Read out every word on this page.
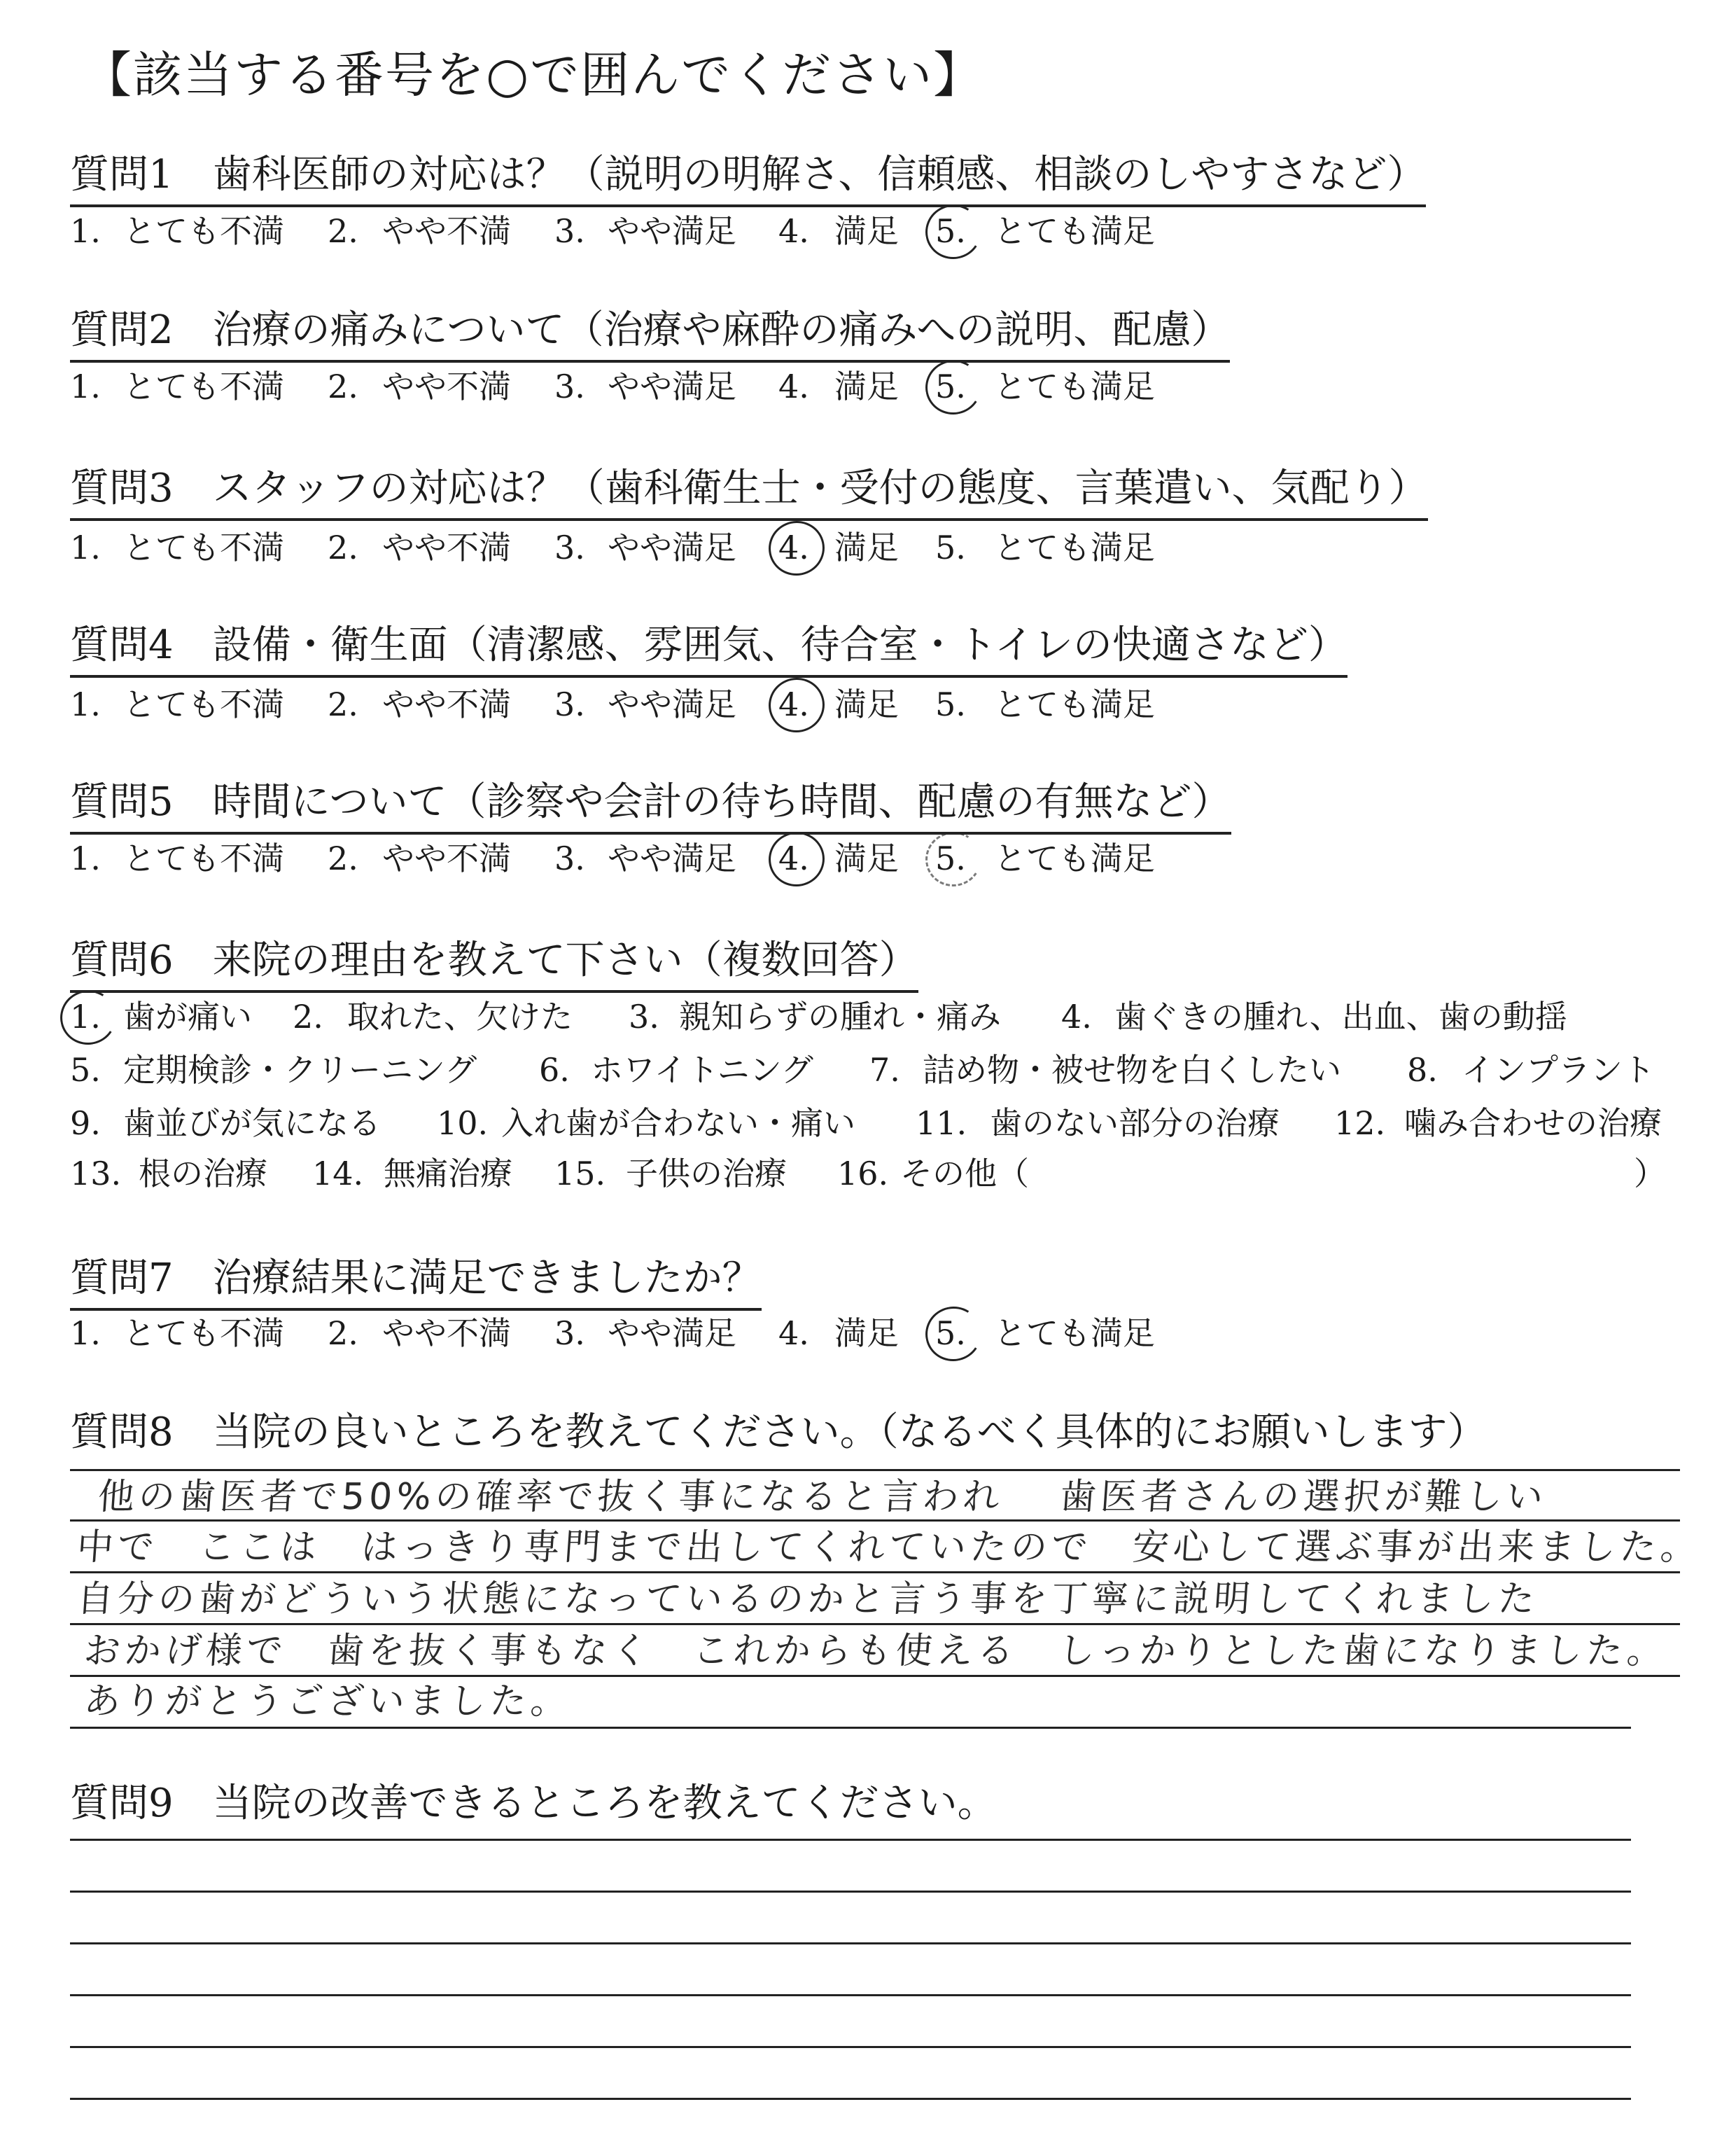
【該当する番号を○で囲んでください】
質問1　歯科医師の対応は？（説明の明解さ、信頼感、相談のしやすさなど）
1. とても不満 2. やや不満 3. やや満足 4. 満足 5. とても満足
質問2　治療の痛みについて（治療や麻酔の痛みへの説明、配慮）
1. とても不満 2. やや不満 3. やや満足 4. 満足 5. とても満足
質問3　スタッフの対応は？（歯科衛生士・受付の態度、言葉遣い、気配り）
1. とても不満 2. やや不満 3. やや満足 4. 満足 5. とても満足
質問4　設備・衛生面（清潔感、雰囲気、待合室・トイレの快適さなど）
1. とても不満 2. やや不満 3. やや満足 4. 満足 5. とても満足
質問5　時間について（診察や会計の待ち時間、配慮の有無など）
1. とても不満 2. やや不満 3. やや満足 4. 満足 5. とても満足
質問6　来院の理由を教えて下さい（複数回答）
1. 歯が痛い 2. 取れた、欠けた 3. 親知らずの腫れ・痛み 4. 歯ぐきの腫れ、出血、歯の動揺
5. 定期検診・クリーニング 6. ホワイトニング 7. 詰め物・被せ物を白くしたい 8. インプラント
9. 歯並びが気になる 10. 入れ歯が合わない・痛い 11. 歯のない部分の治療 12. 噛み合わせの治療
13. 根の治療 14. 無痛治療 15. 子供の治療 16. その他（	）
質問7　治療結果に満足できましたか？
1. とても不満 2. やや不満 3. やや満足 4. 満足 5. とても満足
質問8　当院の良いところを教えてください。（なるべく具体的にお願いします）
他の歯医者で50%の確率で抜く事になると言われ　 歯医者さんの選択が難しい
中で　ここは　はっきり専門まで出してくれていたので　安心して選ぶ事が出来ました。
自分の歯がどういう状態になっているのかと言う事を丁寧に説明してくれました
おかげ様で　歯を抜く事もなく　これからも使える　しっかりとした歯になりました。
ありがとうございました。
質問9　当院の改善できるところを教えてください。
